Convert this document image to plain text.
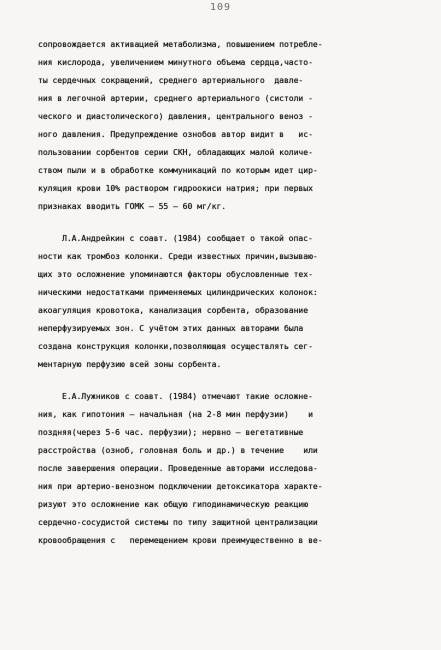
109
сопровождается активацией метаболизма, повышением потребле-
ния кислорода, увеличением минутного объема сердца,часто-
ты сердечных сокращений, среднего артериального  давле-
ния в легочной артерии, среднего артериального (систоли -
ческого и диастолического) давления, центрального веноз -
ного давления. Предупреждение ознобов автор видит в   ис-
пользовании сорбентов серии СКН, обладающих малой количе-
ством пыли и в обработке коммуникаций по которым идет цир-
куляция крови 10% раствором гидроокиси натрия; при первых
признаках вводить ГОМК – 55 – 60 мг/кг.
Л.А.Андрейкин с соавт. (1984) сообщает о такой опас-
ности как тромбоз колонки. Среди известных причин,вызываю-
щих это осложнение упоминаются факторы обусловленные тех-
ническими недостатками применяемых цилиндрических колонок:
акоагуляция кровотока, канализация сорбента, образование
неперфузируемых зон. С учётом этих данных авторами была
создана конструкция колонки,позволяющая осуществлять сег-
ментарную перфузию всей зоны сорбента.
Е.А.Лужников с соавт. (1984) отмечают такие осложне-
ния, как гипотония – начальная (на 2-8 мин перфузии)    и
поздняя(через 5-6 час. перфузии); нервно – вегетативные
расстройства (озноб, головная боль и др.) в течение    или
после завершения операции. Проведенные авторами исследова-
ния при артерио-венозном подключении детоксикатора характе-
ризуют это осложнение как общую гиподинамическую реакцию
сердечно-сосудистой системы по типу защитной централизации
кровообращения с   перемещением крови преимущественно в ве-
